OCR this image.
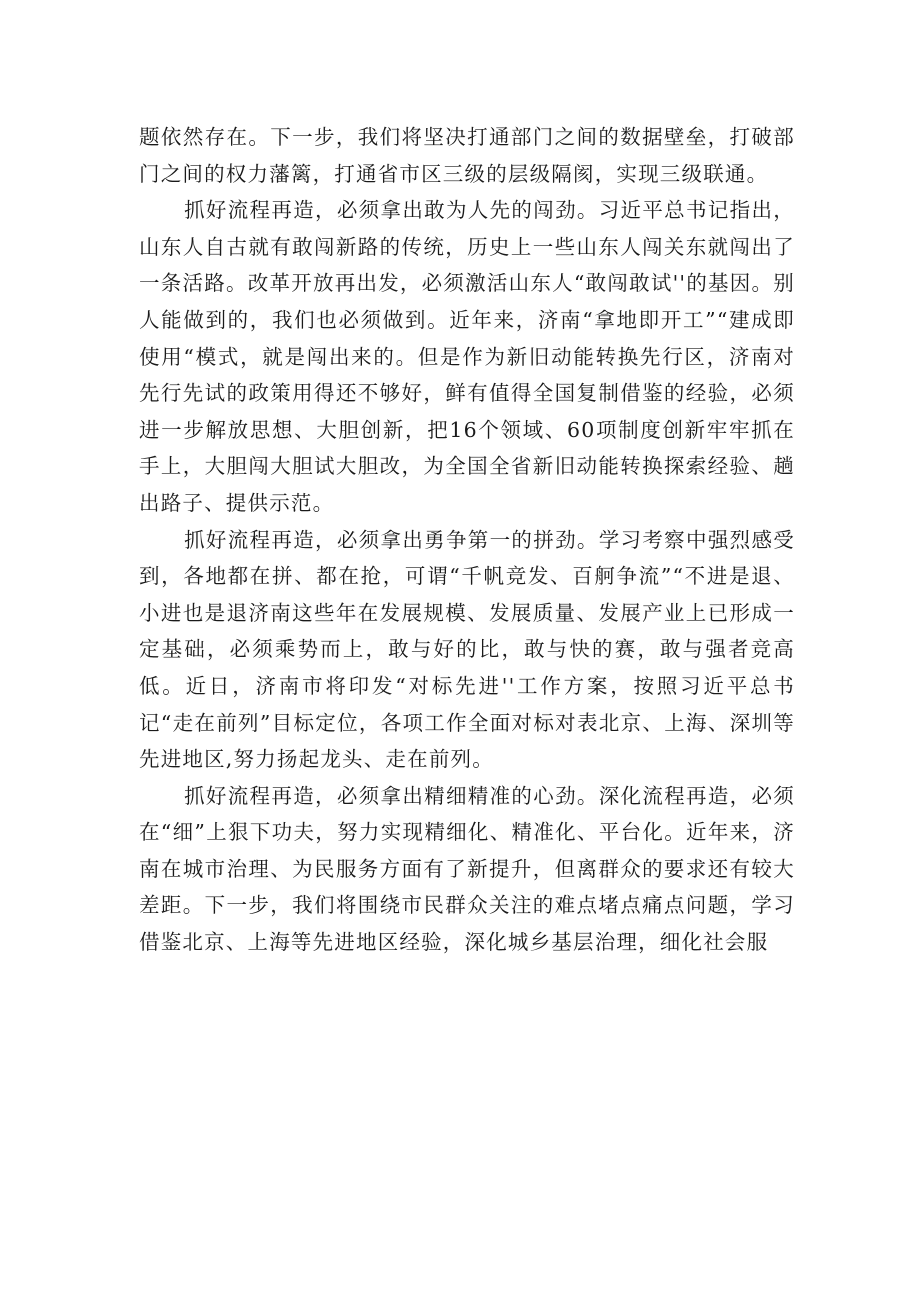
题依然存在。下一步，我们将坚决打通部门之间的数据壁垒，打破部门之间的权力藩篱，打通省市区三级的层级隔阂，实现三级联通。

抓好流程再造，必须拿出敢为人先的闯劲。习近平总书记指出，山东人自古就有敢闯新路的传统，历史上一些山东人闯关东就闯出了一条活路。改革开放再出发，必须激活山东人“敢闯敢试''的基因。别人能做到的，我们也必须做到。近年来，济南“拿地即开工”“建成即使用“模式，就是闯出来的。但是作为新旧动能转换先行区，济南对先行先试的政策用得还不够好，鲜有值得全国复制借鉴的经验，必须进一步解放思想、大胆创新，把16个领域、60项制度创新牢牢抓在手上，大胆闯大胆试大胆改，为全国全省新旧动能转换探索经验、趟出路子、提供示范。

抓好流程再造，必须拿出勇争第一的拼劲。学习考察中强烈感受到，各地都在拼、都在抢，可谓“千帆竞发、百舸争流”“不进是退、小进也是退济南这些年在发展规模、发展质量、发展产业上已形成一定基础，必须乘势而上，敢与好的比，敢与快的赛，敢与强者竞高低。近日，济南市将印发“对标先进''工作方案，按照习近平总书记“走在前列”目标定位，各项工作全面对标对表北京、上海、深圳等先进地区,努力扬起龙头、走在前列。

抓好流程再造，必须拿出精细精准的心劲。深化流程再造，必须在“细”上狠下功夫，努力实现精细化、精准化、平台化。近年来，济南在城市治理、为民服务方面有了新提升，但离群众的要求还有较大差距。下一步，我们将围绕市民群众关注的难点堵点痛点问题，学习借鉴北京、上海等先进地区经验，深化城乡基层治理，细化社会服
